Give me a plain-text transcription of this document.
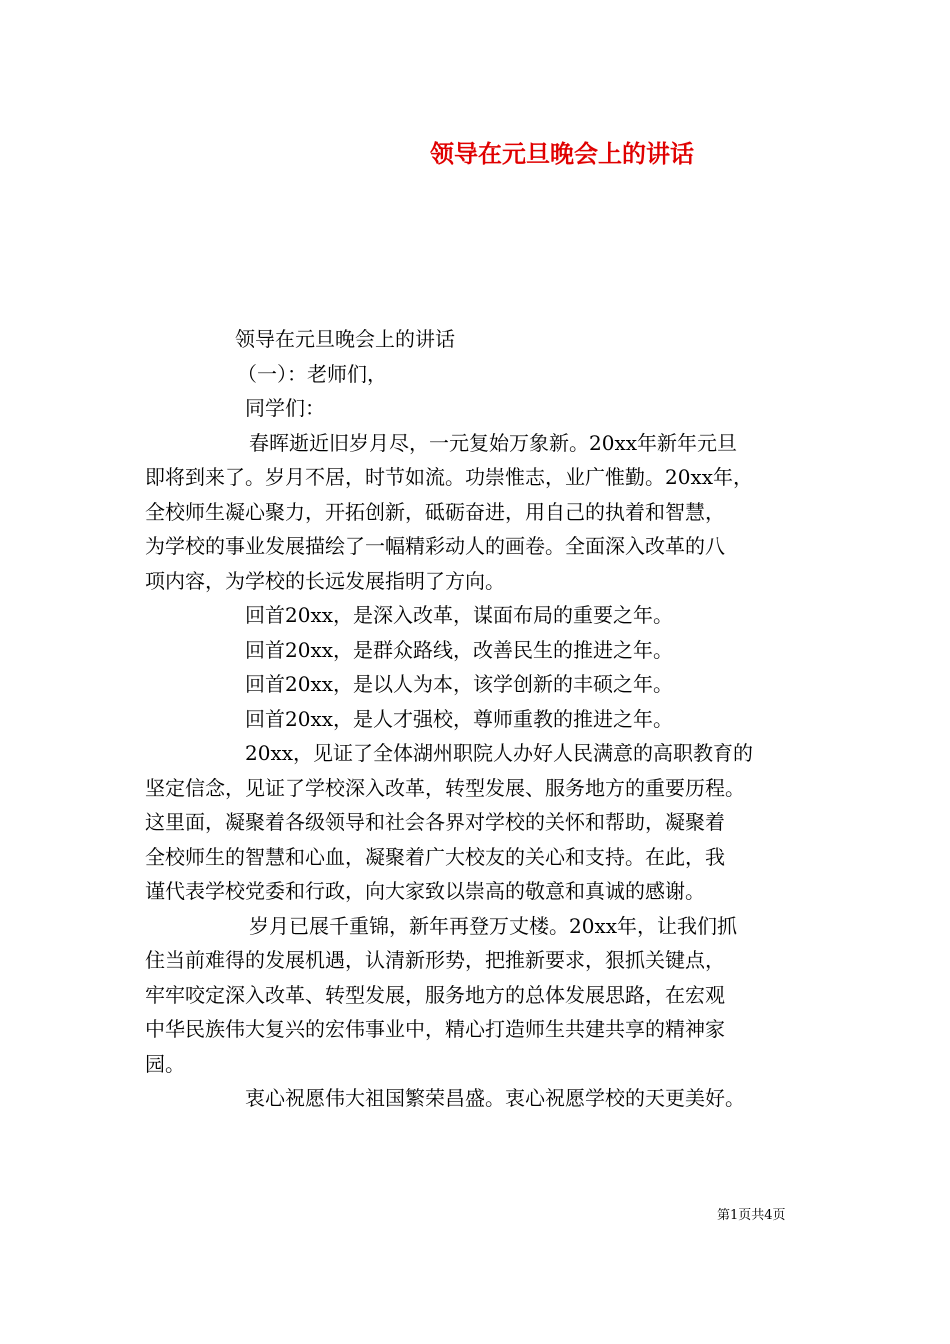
领导在元旦晚会上的讲话
领导在元旦晚会上的讲话
（一）：老师们，
同学们：
春晖逝近旧岁月尽，一元复始万象新。20xx年新年元旦
即将到来了。岁月不居，时节如流。功崇惟志，业广惟勤。20xx年，
全校师生凝心聚力，开拓创新，砥砺奋进，用自己的执着和智慧，
为学校的事业发展描绘了一幅精彩动人的画卷。全面深入改革的八
项内容，为学校的长远发展指明了方向。
回首20xx，是深入改革，谋面布局的重要之年。
回首20xx，是群众路线，改善民生的推进之年。
回首20xx，是以人为本，该学创新的丰硕之年。
回首20xx，是人才强校，尊师重教的推进之年。
20xx，见证了全体湖州职院人办好人民满意的高职教育的
坚定信念，见证了学校深入改革，转型发展、服务地方的重要历程。
这里面，凝聚着各级领导和社会各界对学校的关怀和帮助，凝聚着
全校师生的智慧和心血，凝聚着广大校友的关心和支持。在此，我
谨代表学校党委和行政，向大家致以崇高的敬意和真诚的感谢。
岁月已展千重锦，新年再登万丈楼。20xx年，让我们抓
住当前难得的发展机遇，认清新形势，把推新要求，狠抓关键点，
牢牢咬定深入改革、转型发展，服务地方的总体发展思路，在宏观
中华民族伟大复兴的宏伟事业中，精心打造师生共建共享的精神家
园。
衷心祝愿伟大祖国繁荣昌盛。衷心祝愿学校的天更美好。
第1页共4页
